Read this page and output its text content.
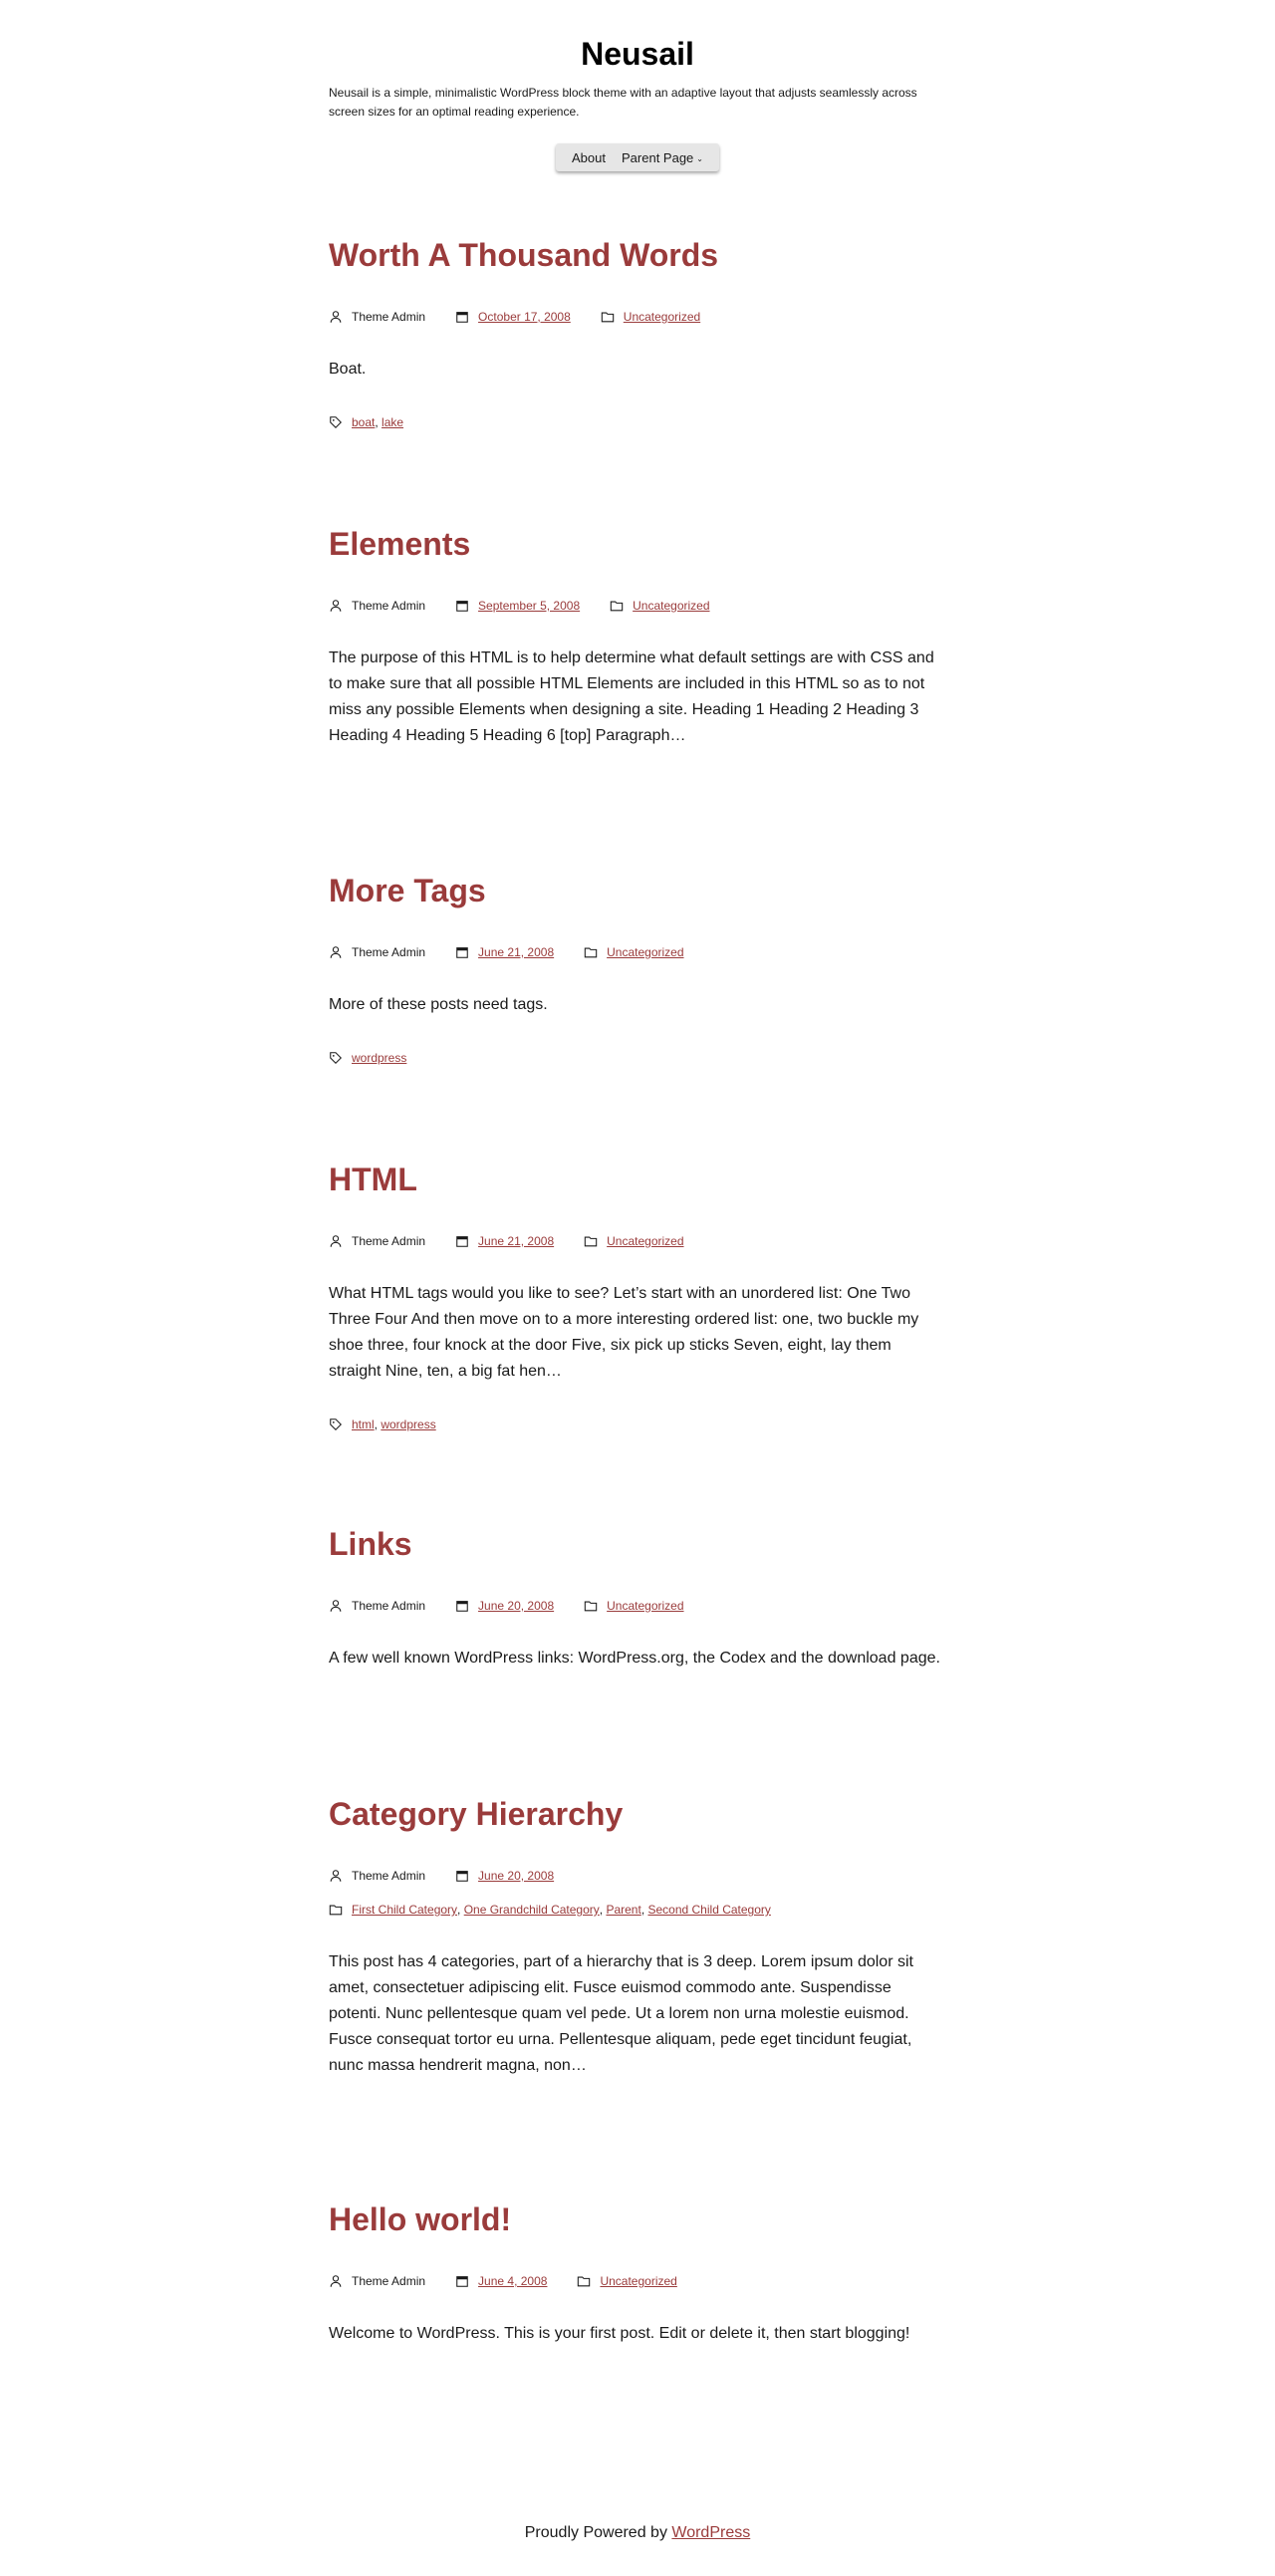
Neusail

Neusail is a simple, minimalistic WordPress block theme with an adaptive layout that adjusts seamlessly across screen sizes for an optimal reading experience.

About Parent Page ⌄
Worth A Thousand Words
Theme Admin	October 17, 2008	Uncategorized

Boat.

boat , lake
Elements
Theme Admin	September 5, 2008	Uncategorized

The purpose of this HTML is to help determine what default settings are with CSS and to make sure that all possible HTML Elements are included in this HTML so as to not miss any possible Elements when designing a site. Heading 1 Heading 2 Heading 3 Heading 4 Heading 5 Heading 6 [top] Paragraph…

More Tags
Theme Admin	June 21, 2008	Uncategorized

More of these posts need tags.

wordpress
HTML
Theme Admin	June 21, 2008	Uncategorized

What HTML tags would you like to see? Let’s start with an unordered list: One Two Three Four And then move on to a more interesting ordered list: one, two buckle my shoe three, four knock at the door Five, six pick up sticks Seven, eight, lay them straight Nine, ten, a big fat hen…

html , wordpress
Links
Theme Admin	June 20, 2008	Uncategorized

A few well known WordPress links: WordPress.org, the Codex and the download page.

Category Hierarchy
Theme Admin	June 20, 2008
First Child Category , One Grandchild Category , Parent , Second Child Category

This post has 4 categories, part of a hierarchy that is 3 deep. Lorem ipsum dolor sit amet, consectetuer adipiscing elit. Fusce euismod commodo ante. Suspendisse potenti. Nunc pellentesque quam vel pede. Ut a lorem non urna molestie euismod. Fusce consequat tortor eu urna. Pellentesque aliquam, pede eget tincidunt feugiat, nunc massa hendrerit magna, non…

Hello world!
Theme Admin	June 4, 2008	Uncategorized

Welcome to WordPress. This is your first post. Edit or delete it, then start blogging!

Proudly Powered by WordPress
